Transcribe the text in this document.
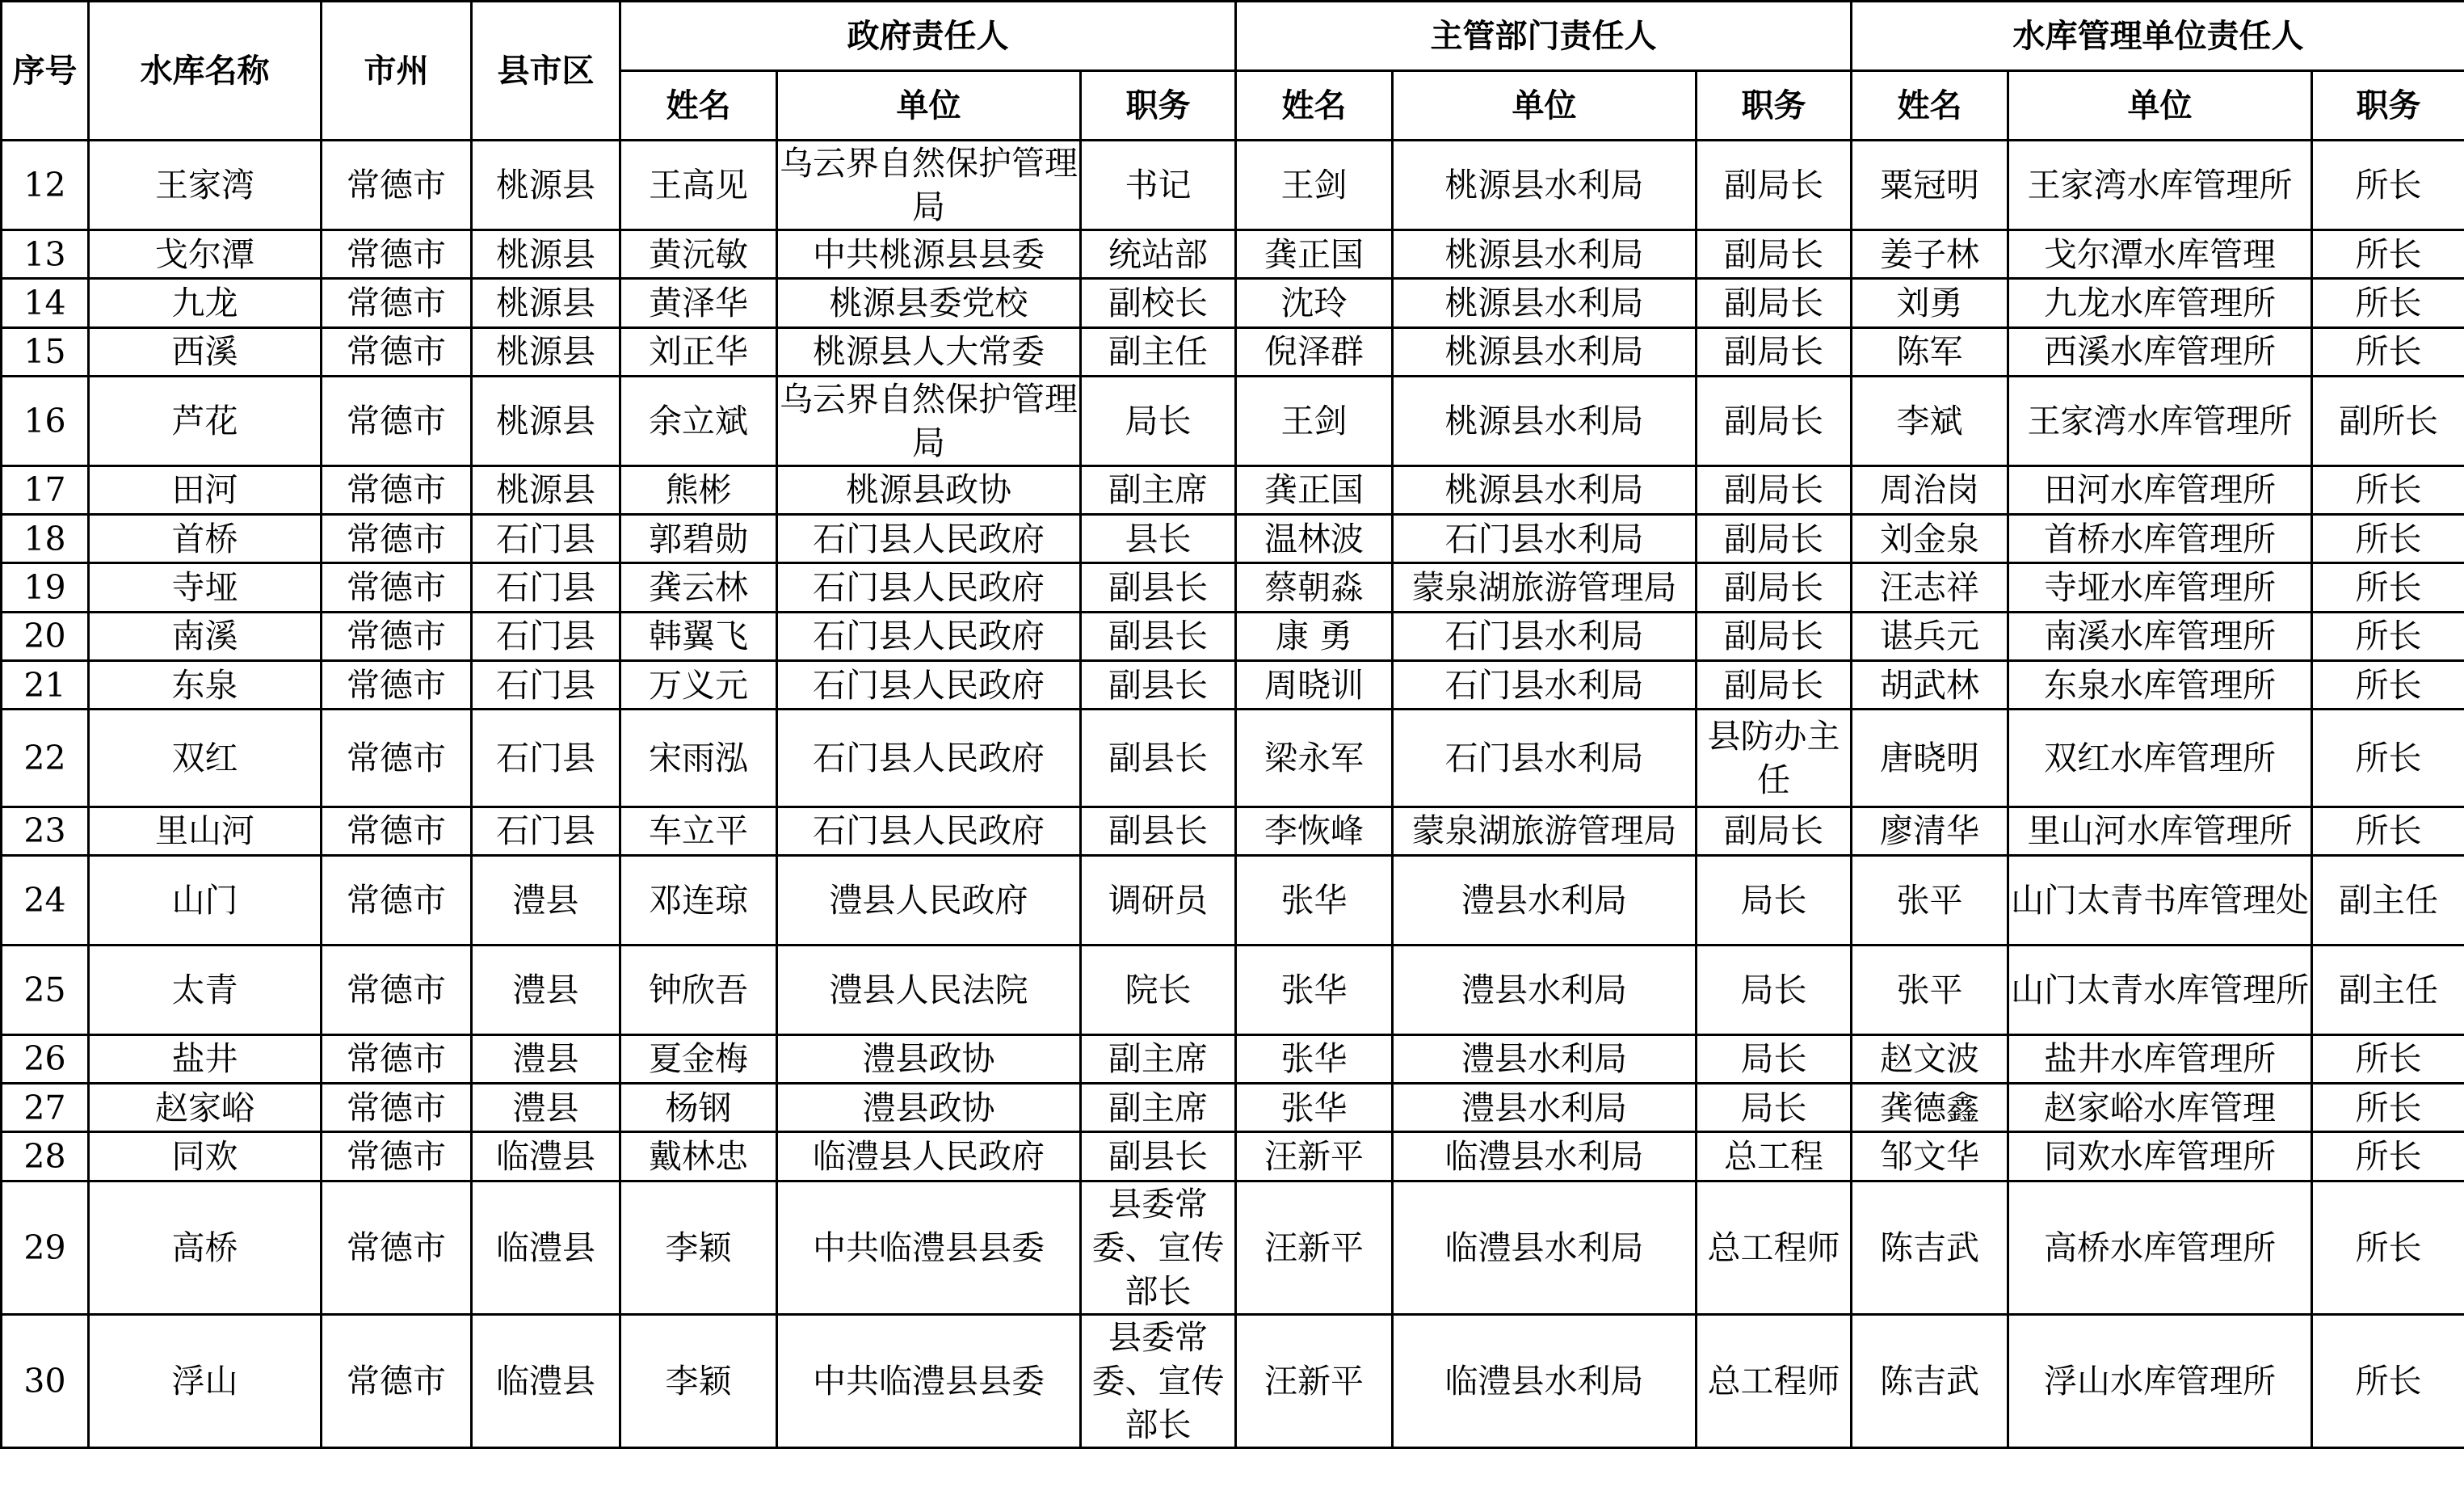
序号	水库名称	市州	县市区	政府责任人			主管部门责任人			水库管理单位责任人		
				姓名	单位	职务	姓名	单位	职务	姓名	单位	职务
12	王家湾	常德市	桃源县	王高见	乌云界自然保护管理局	书记	王剑	桃源县水利局	副局长	粟冠明	王家湾水库管理所	所长
13	戈尔潭	常德市	桃源县	黄沅敏	中共桃源县县委	统站部	龚正国	桃源县水利局	副局长	姜子林	戈尔潭水库管理	所长
14	九龙	常德市	桃源县	黄泽华	桃源县委党校	副校长	沈玲	桃源县水利局	副局长	刘勇	九龙水库管理所	所长
15	西溪	常德市	桃源县	刘正华	桃源县人大常委	副主任	倪泽群	桃源县水利局	副局长	陈军	西溪水库管理所	所长
16	芦花	常德市	桃源县	余立斌	乌云界自然保护管理局	局长	王剑	桃源县水利局	副局长	李斌	王家湾水库管理所	副所长
17	田河	常德市	桃源县	熊彬	桃源县政协	副主席	龚正国	桃源县水利局	副局长	周治岗	田河水库管理所	所长
18	首桥	常德市	石门县	郭碧勋	石门县人民政府	县长	温林波	石门县水利局	副局长	刘金泉	首桥水库管理所	所长
19	寺垭	常德市	石门县	龚云林	石门县人民政府	副县长	蔡朝淼	蒙泉湖旅游管理局	副局长	汪志祥	寺垭水库管理所	所长
20	南溪	常德市	石门县	韩翼飞	石门县人民政府	副县长	康 勇	石门县水利局	副局长	谌兵元	南溪水库管理所	所长
21	东泉	常德市	石门县	万义元	石门县人民政府	副县长	周晓训	石门县水利局	副局长	胡武林	东泉水库管理所	所长
22	双红	常德市	石门县	宋雨泓	石门县人民政府	副县长	梁永军	石门县水利局	县防办主任	唐晓明	双红水库管理所	所长
23	里山河	常德市	石门县	车立平	石门县人民政府	副县长	李恢峰	蒙泉湖旅游管理局	副局长	廖清华	里山河水库管理所	所长
24	山门	常德市	澧县	邓连琼	澧县人民政府	调研员	张华	澧县水利局	局长	张平	山门太青书库管理处	副主任
25	太青	常德市	澧县	钟欣吾	澧县人民法院	院长	张华	澧县水利局	局长	张平	山门太青水库管理所	副主任
26	盐井	常德市	澧县	夏金梅	澧县政协	副主席	张华	澧县水利局	局长	赵文波	盐井水库管理所	所长
27	赵家峪	常德市	澧县	杨钢	澧县政协	副主席	张华	澧县水利局	局长	龚德鑫	赵家峪水库管理	所长
28	同欢	常德市	临澧县	戴林忠	临澧县人民政府	副县长	汪新平	临澧县水利局	总工程	邹文华	同欢水库管理所	所长
29	高桥	常德市	临澧县	李颖	中共临澧县县委	县委常委、宣传部长	汪新平	临澧县水利局	总工程师	陈吉武	高桥水库管理所	所长
30	浮山	常德市	临澧县	李颖	中共临澧县县委	县委常委、宣传部长	汪新平	临澧县水利局	总工程师	陈吉武	浮山水库管理所	所长
